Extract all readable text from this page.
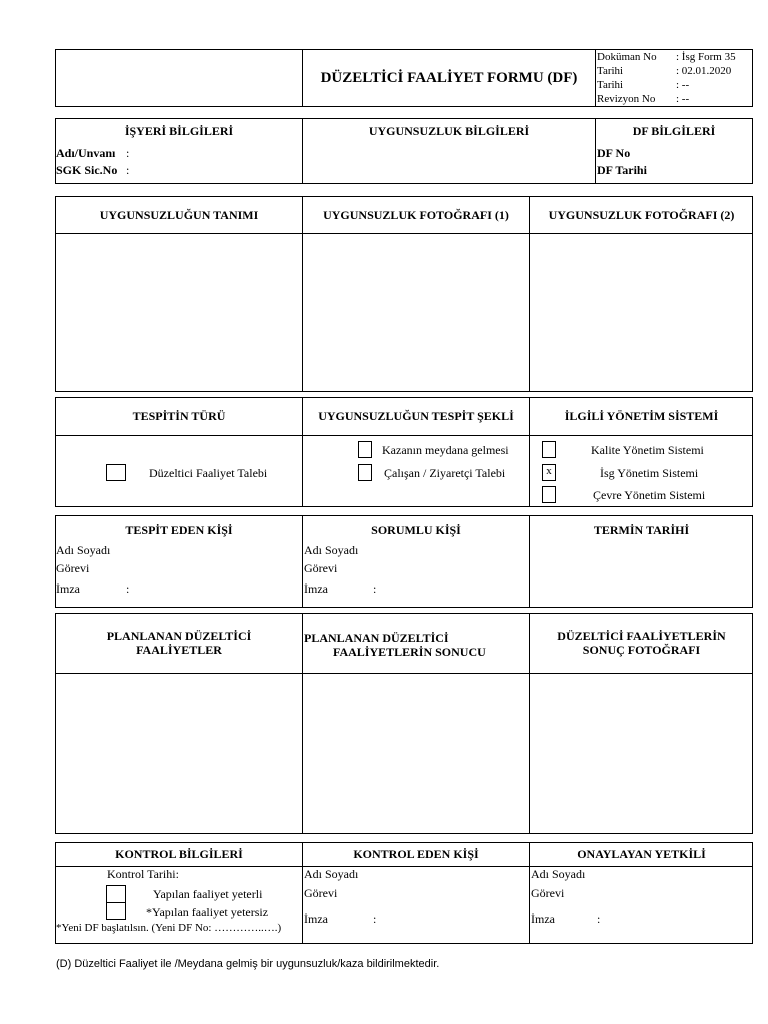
DÜZELTİCİ FAALİYET FORMU (DF)
Doküman No : İsg Form 35
Tarihi	: 02.01.2020
Tarihi	: --
Revizyon No : --
İŞYERİ BİLGİLERİ
Adı/Unvanı :
SGK Sic.No :
UYGUNSUZLUK BİLGİLERİ	DF BİLGİLERİ
DF No
DF Tarihi
UYGUNSUZLUĞUN TANIMI	UYGUNSUZLUK FOTOĞRAFI (1)	UYGUNSUZLUK FOTOĞRAFI (2)
TESPİTİN TÜRÜ	UYGUNSUZLUĞUN TESPİT ŞEKLİ	İLGİLİ YÖNETİM SİSTEMİ
Düzeltici Faaliyet Talebi
Kazanın meydana gelmesi
Çalışan / Ziyaretçi Talebi
Kalite Yönetim Sistemi
x	İsg Yönetim Sistemi
Çevre Yönetim Sistemi
TESPİT EDEN KİŞİ	SORUMLU KİŞİ	TERMİN TARİHİ
Adı Soyadı
Görevi
İmza	:
Adı Soyadı
Görevi
İmza	:
PLANLANAN DÜZELTİCİ
FAALİYETLER
PLANLANAN DÜZELTİCİ
FAALİYETLERİN SONUCU
DÜZELTİCİ FAALİYETLERİN
SONUÇ FOTOĞRAFI
KONTROL BİLGİLERİ	KONTROL EDEN KİŞİ	ONAYLAYAN YETKİLİ
Kontrol Tarihi:
Yapılan faaliyet yeterli
*Yapılan faaliyet yetersiz
*Yeni DF başlatılsın. (Yeni DF No: …………..….)
Adı Soyadı
Görevi
İmza	:
Adı Soyadı
Görevi
İmza	:
(D) Düzeltici Faaliyet ile /Meydana gelmiş bir uygunsuzluk/kaza bildirilmektedir.
